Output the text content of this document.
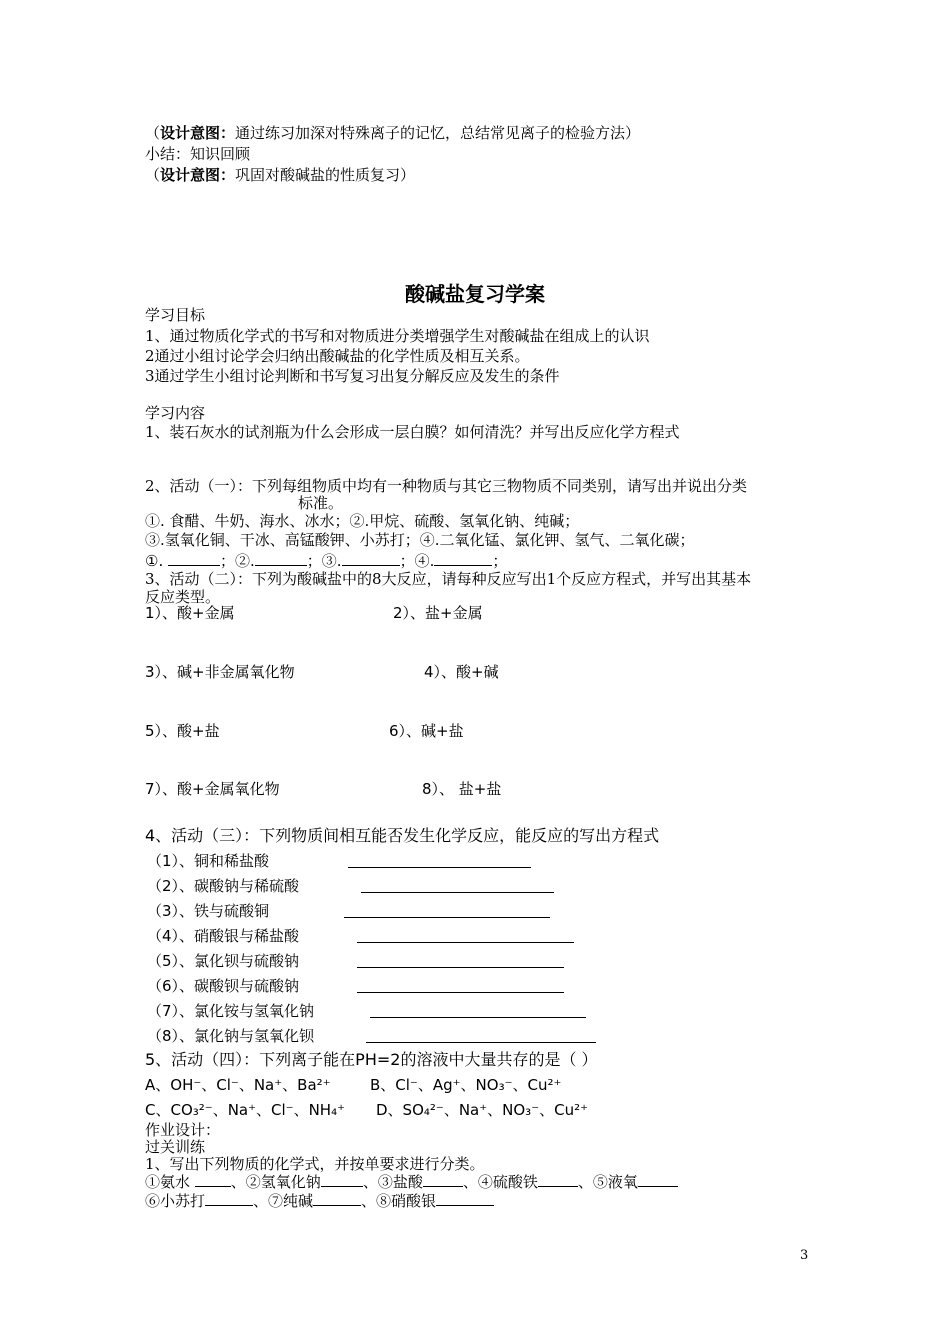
（设计意图：通过练习加深对特殊离子的记忆，总结常见离子的检验方法）
小结：知识回顾
（设计意图：巩固对酸碱盐的性质复习）
酸碱盐复习学案
学习目标
1、通过物质化学式的书写和对物质进分类增强学生对酸碱盐在组成上的认识
2通过小组讨论学会归纳出酸碱盐的化学性质及相互关系。
3通过学生小组讨论判断和书写复习出复分解反应及发生的条件
学习内容
1、装石灰水的试剂瓶为什么会形成一层白膜？如何清洗？并写出反应化学方程式
2、活动（一）：下列每组物质中均有一种物质与其它三物物质不同类别，请写出并说出分类
标准。
①. 食醋、牛奶、海水、冰水；②.甲烷、硫酸、氢氧化钠、纯碱；
③.氢氧化铜、干冰、高锰酸钾、小苏打；④.二氧化锰、氯化钾、氢气、二氧化碳；
①.	；②.	；③.	；④.	；
3、活动（二）：下列为酸碱盐中的8大反应，请每种反应写出1个反应方程式，并写出其基本
反应类型。
1）、酸+金属	2）、盐+金属
3）、碱+非金属氧化物	4）、酸+碱
5）、酸+盐	6）、碱+盐
7）、酸+金属氧化物	8）、 盐+盐
4、活动（三）：下列物质间相互能否发生化学反应，能反应的写出方程式
（1）、铜和稀盐酸
（2）、碳酸钠与稀硫酸
（3）、铁与硫酸铜
（4）、硝酸银与稀盐酸
（5）、氯化钡与硫酸钠
（6）、碳酸钡与硫酸钠
（7）、氯化铵与氢氧化钠
（8）、氯化钠与氢氧化钡
5、活动（四）：下列离子能在PH=2的溶液中大量共存的是（ ）
A、OH⁻、Cl⁻、Na⁺、Ba²⁺	B、Cl⁻、Ag⁺、NO₃⁻、Cu²⁺
C、CO₃²⁻、Na⁺、Cl⁻、NH₄⁺ D、SO₄²⁻、Na⁺、NO₃⁻、Cu²⁺
作业设计：
过关训练
1、写出下列物质的化学式，并按单要求进行分类。
①氨水	、②氢氧化钠	、③盐酸	、④硫酸铁	、⑤液氧
⑥小苏打	、⑦纯碱	、⑧硝酸银
3
